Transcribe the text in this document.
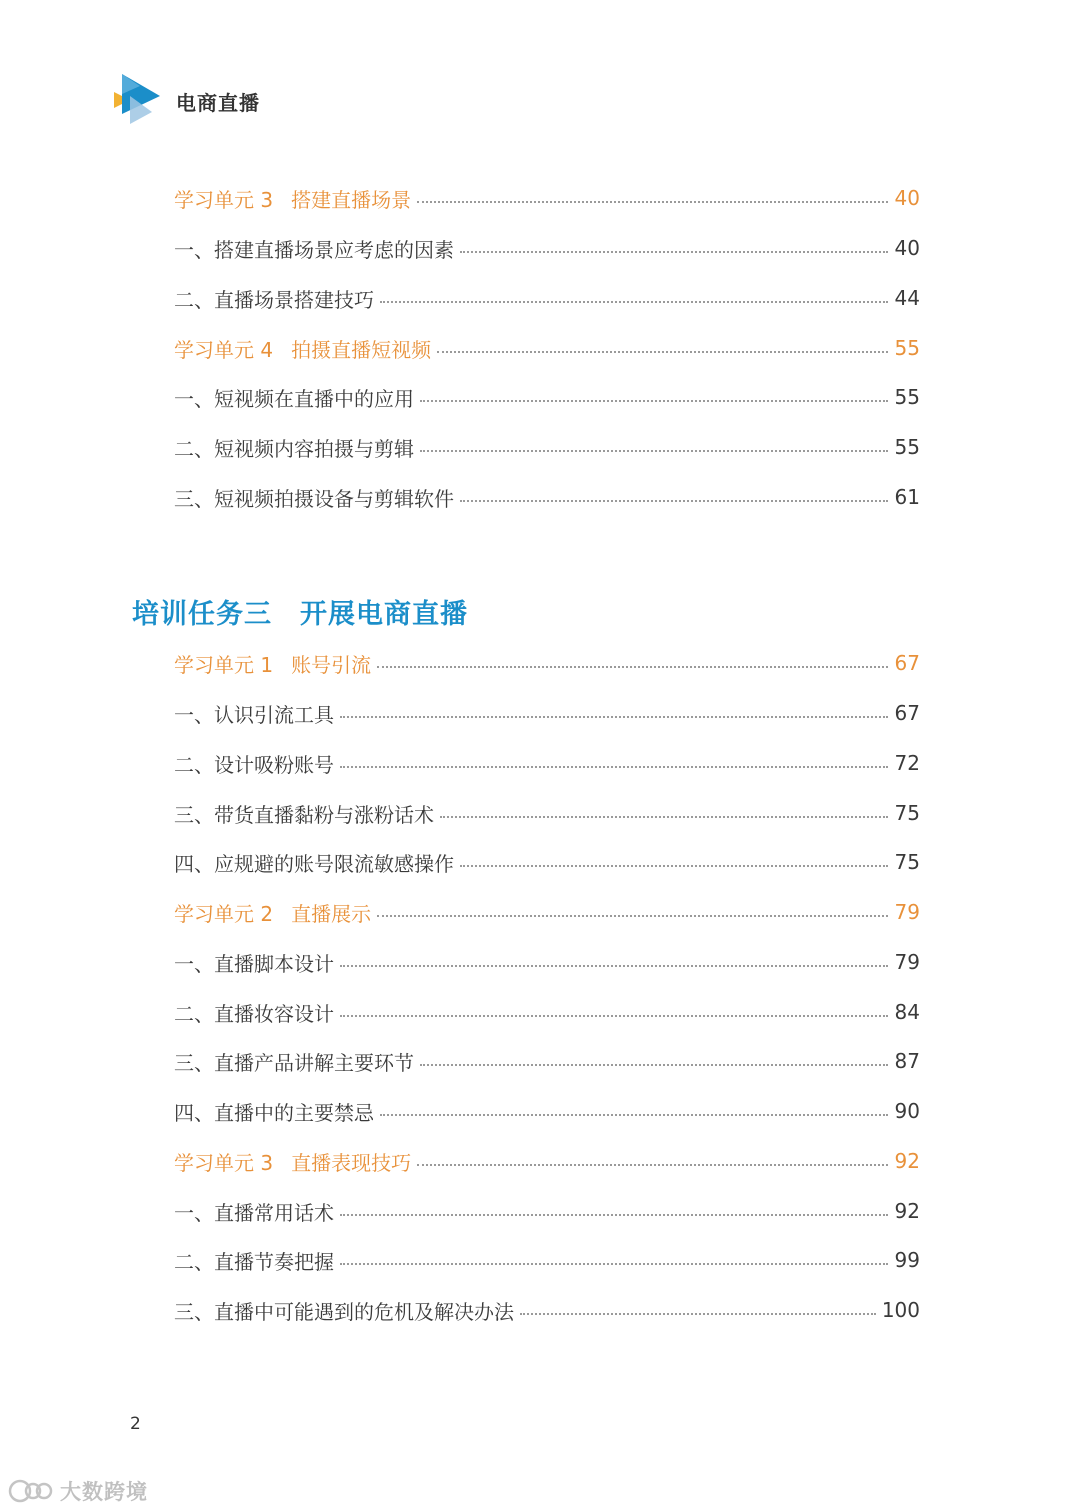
电商直播
学习单元 3 搭建直播场景	40
一、搭建直播场景应考虑的因素	40
二、直播场景搭建技巧	44
学习单元 4 拍摄直播短视频	55
一、短视频在直播中的应用	55
二、短视频内容拍摄与剪辑	55
三、短视频拍摄设备与剪辑软件	61
培训任务三　开展电商直播
学习单元 1 账号引流	67
一、认识引流工具	67
二、设计吸粉账号	72
三、带货直播黏粉与涨粉话术	75
四、应规避的账号限流敏感操作	75
学习单元 2 直播展示	79
一、直播脚本设计	79
二、直播妆容设计	84
三、直播产品讲解主要环节	87
四、直播中的主要禁忌	90
学习单元 3 直播表现技巧	92
一、直播常用话术	92
二、直播节奏把握	99
三、直播中可能遇到的危机及解决办法	100
2
大数跨境
